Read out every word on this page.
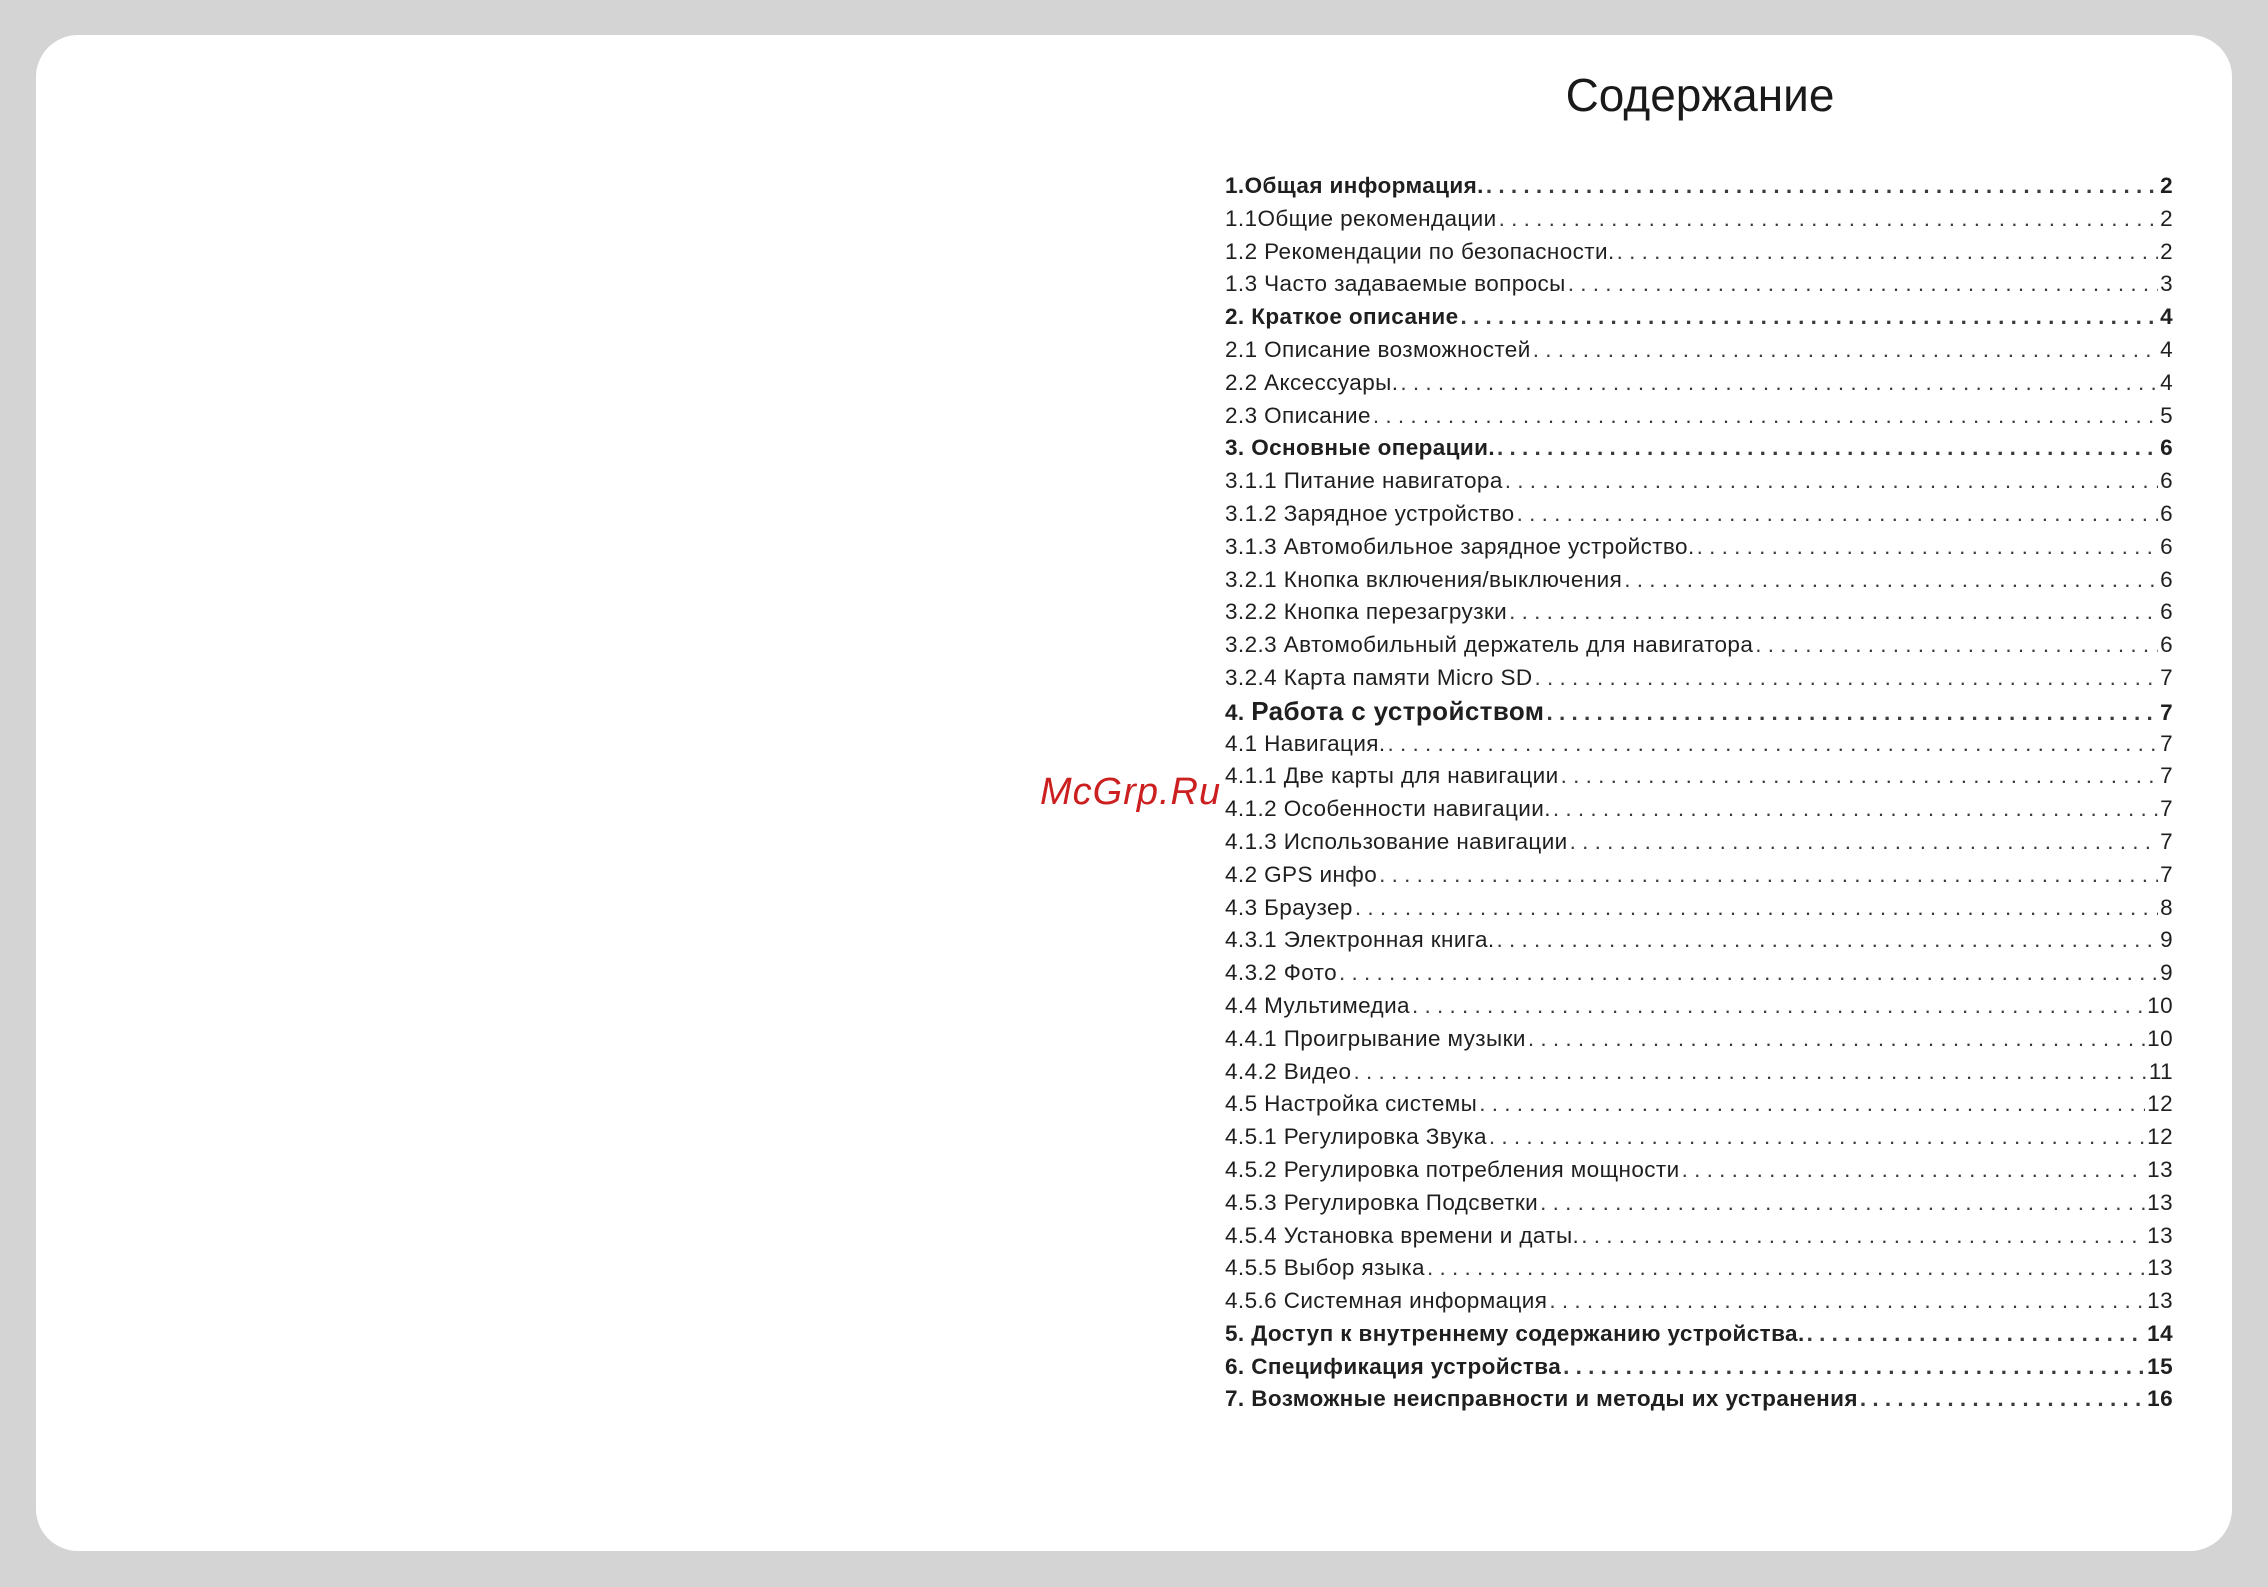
Содержание
McGrp.Ru
1.Общая информация. . . .	2
1.1Общие рекомендации . . .	2
1.2 Рекомендации по безопасности. . . .	2
1.3 Часто задаваемые вопросы . . .	3
2. Краткое описание . . .	4
2.1 Описание возможностей . . .	4
2.2 Аксессуары. . . .	4
2.3 Описание . . .	5
3. Основные операции. . . .	6
3.1.1 Питание навигатора . . .	6
3.1.2 Зарядное устройство . . .	6
3.1.3 Автомобильное зарядное устройство. . . .	6
3.2.1 Кнопка включения/выключения . . .	6
3.2.2 Кнопка перезагрузки . . .	6
3.2.3 Автомобильный держатель для навигатора . . .	6
3.2.4 Карта памяти Micro SD . . .	7
4. Работа с устройством . . .	7
4.1 Навигация. . . .	7
4.1.1 Две карты для навигации . . .	7
4.1.2 Особенности навигации. . . .	7
4.1.3 Использование навигации . . .	7
4.2 GPS инфо . . .	7
4.3 Браузер . . .	8
4.3.1 Электронная книга. . . .	9
4.3.2 Фото . . .	9
4.4 Мультимедиа . . .	10
4.4.1 Проигрывание музыки . . .	10
4.4.2 Видео . . .	11
4.5 Настройка системы . . .	12
4.5.1 Регулировка Звука . . .	12
4.5.2 Регулировка потребления мощности . . .	13
4.5.3 Регулировка Подсветки . . .	13
4.5.4 Установка времени и даты. . . .	13
4.5.5 Выбор языка . . .	13
4.5.6 Системная информация . . .	13
5. Доступ к внутреннему содержанию устройства. . . .	14
6. Спецификация устройства . . .	15
7. Возможные неисправности и методы их устранения . . .	16
